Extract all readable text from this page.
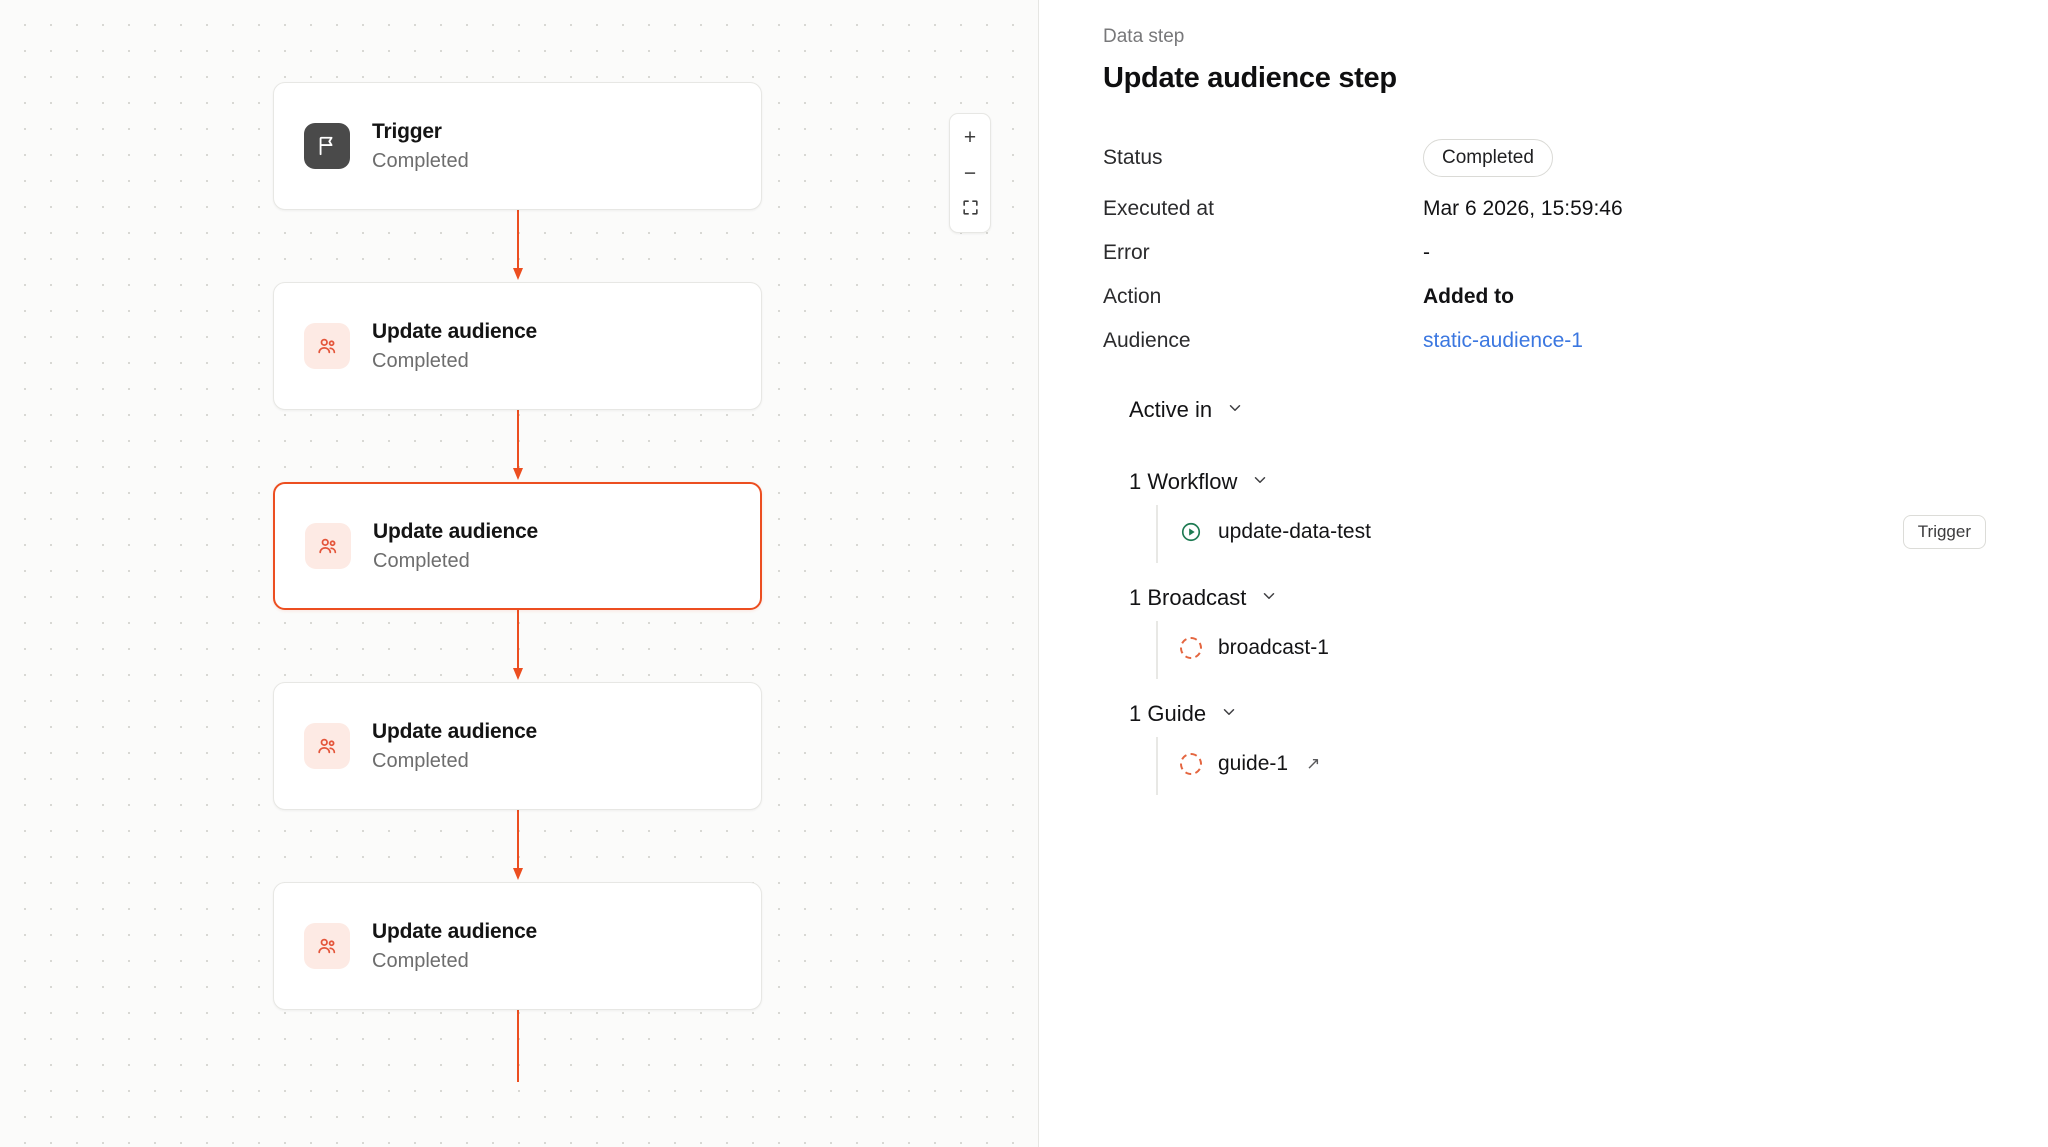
Trigger
Completed
Update audience
Completed
Update audience
Completed
Update audience
Completed
Update audience
Completed
+
−
Data step
Update audience step
Status	Completed
Executed at	Mar 6 2026, 15:59:46
Error	-
Action	Added to
Audience	static-audience-1
Active in
1 Workflow
update-data-test	Trigger
1 Broadcast
broadcast-1
1 Guide
guide-1 ↗
